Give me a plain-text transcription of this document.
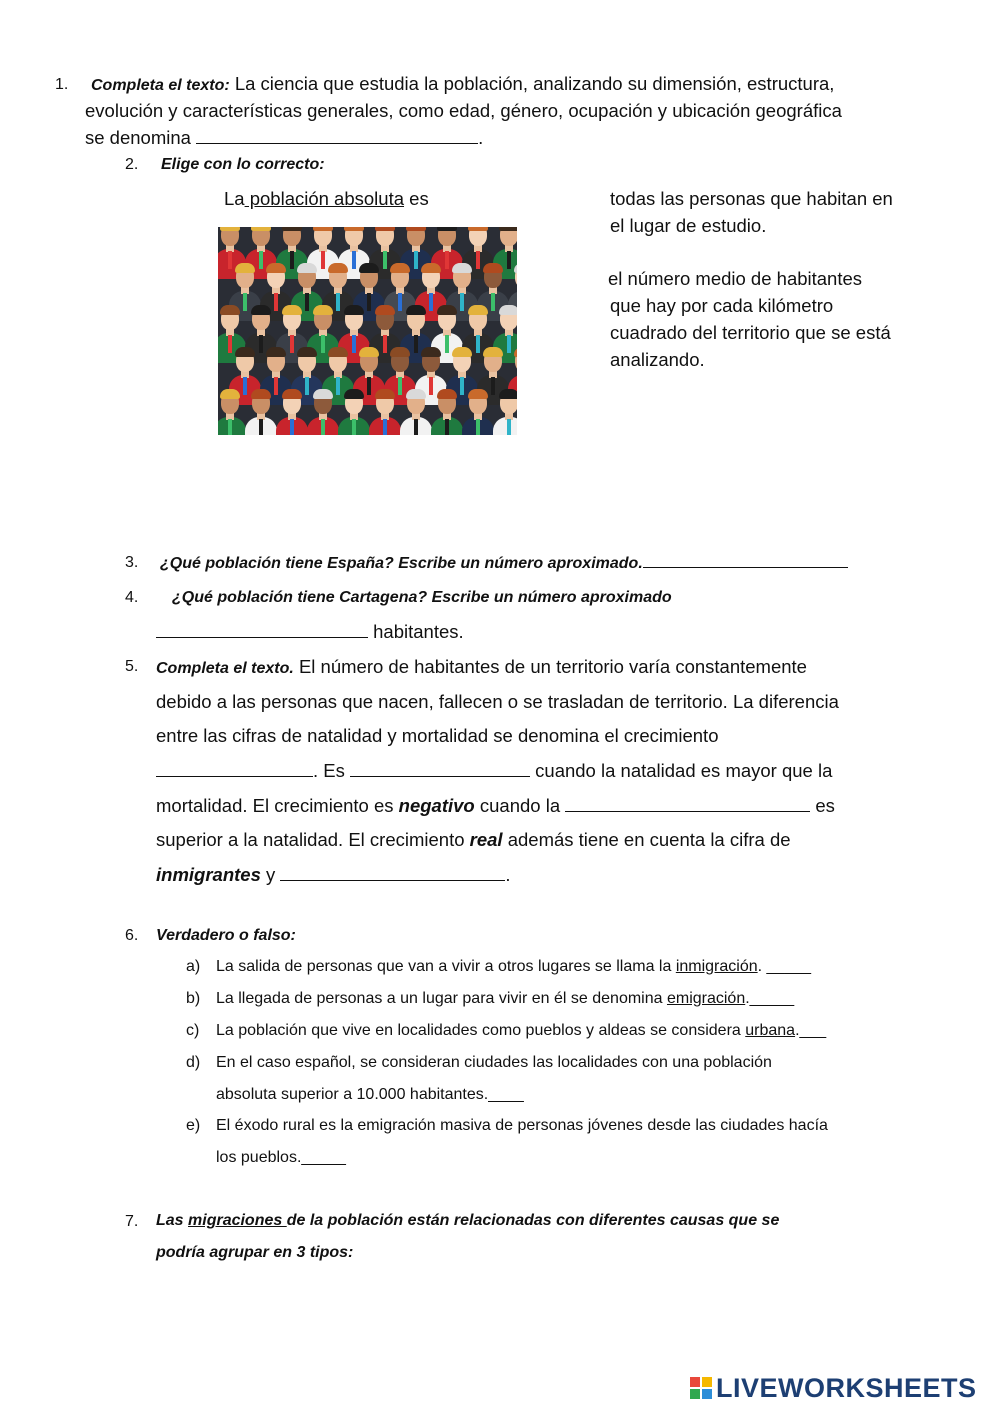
1.	Completa el texto: La ciencia que estudia la población, analizando su dimensión, estructura,
evolución y características generales, como edad, género, ocupación y ubicación geográfica
se denomina	.
2. Elige con lo correcto:
La población absoluta es	todas las personas que habitan en
el lugar de estudio.
el número medio de habitantes
que hay por cada kilómetro
cuadrado del territorio que se está
analizando.
3. ¿Qué población tiene España? Escribe un número aproximado.
4. ¿Qué población tiene Cartagena? Escribe un número aproximado
habitantes.
5. Completa el texto. El número de habitantes de un territorio varía constantemente
debido a las personas que nacen, fallecen o se trasladan de territorio. La diferencia
entre las cifras de natalidad y mortalidad se denomina el crecimiento
. Es	cuando la natalidad es mayor que la
mortalidad. El crecimiento es negativo cuando la	es
superior a la natalidad. El crecimiento real además tiene en cuenta la cifra de
inmigrantes y	.
6. Verdadero o falso:
a) La salida de personas que van a vivir a otros lugares se llama la inmigración. _____
b) La llegada de personas a un lugar para vivir en él se denomina emigración._____
c) La población que vive en localidades como pueblos y aldeas se considera urbana.___
d) En el caso español, se consideran ciudades las localidades con una población
absoluta superior a 10.000 habitantes.____
e) El éxodo rural es la emigración masiva de personas jóvenes desde las ciudades hacía
los pueblos._____
7. Las migraciones de la población están relacionadas con diferentes causas que se
podría agrupar en 3 tipos:
LIVEWORKSHEETS
